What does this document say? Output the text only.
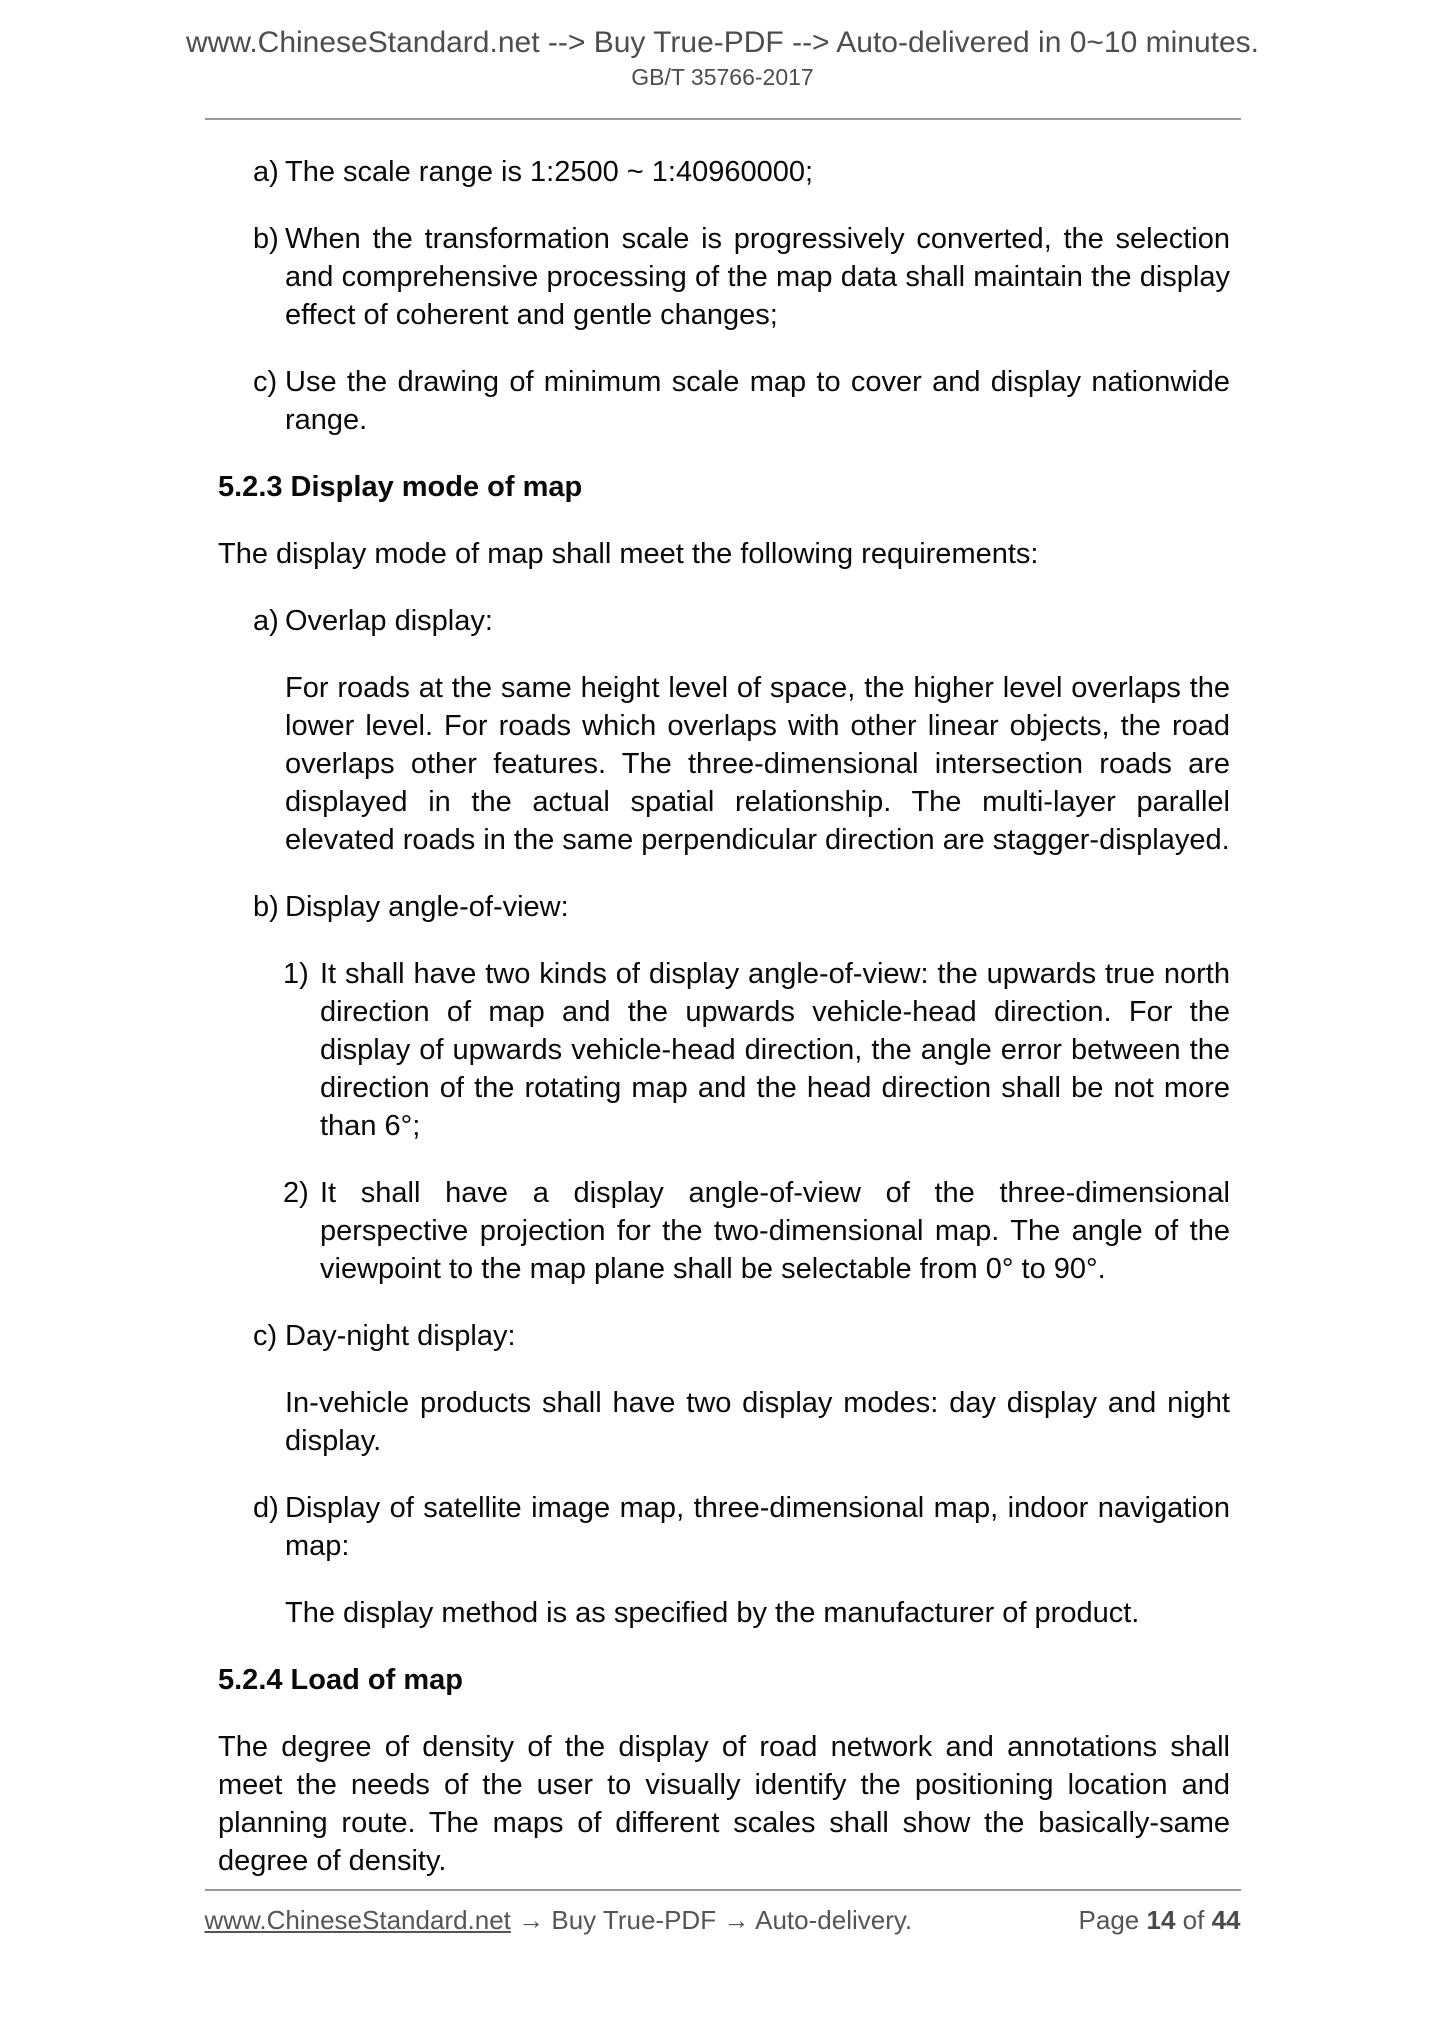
www.ChineseStandard.net --> Buy True-PDF --> Auto-delivered in 0~10 minutes.
GB/T 35766-2017
a) The scale range is 1:2500 ~ 1:40960000;
b) When the transformation scale is progressively converted, the selection and comprehensive processing of the map data shall maintain the display effect of coherent and gentle changes;
c) Use the drawing of minimum scale map to cover and display nationwide range.
5.2.3 Display mode of map

The display mode of map shall meet the following requirements:

a) Overlap display:

For roads at the same height level of space, the higher level overlaps the lower level. For roads which overlaps with other linear objects, the road overlaps other features. The three-dimensional intersection roads are displayed in the actual spatial relationship. The multi-layer parallel elevated roads in the same perpendicular direction are stagger-displayed.

b) Display angle-of-view:
1) It shall have two kinds of display angle-of-view: the upwards true north direction of map and the upwards vehicle-head direction. For the display of upwards vehicle-head direction, the angle error between the direction of the rotating map and the head direction shall be not more than 6°;
2) It shall have a display angle-of-view of the three-dimensional perspective projection for the two-dimensional map. The angle of the viewpoint to the map plane shall be selectable from 0° to 90°.
c) Day-night display:

In-vehicle products shall have two display modes: day display and night display.

d) Display of satellite image map, three-dimensional map, indoor navigation map:

The display method is as specified by the manufacturer of product.

5.2.4 Load of map

The degree of density of the display of road network and annotations shall meet the needs of the user to visually identify the positioning location and planning route. The maps of different scales shall show the basically-same degree of density.

www.ChineseStandard.net → Buy True-PDF → Auto-delivery.	Page 14 of 44
